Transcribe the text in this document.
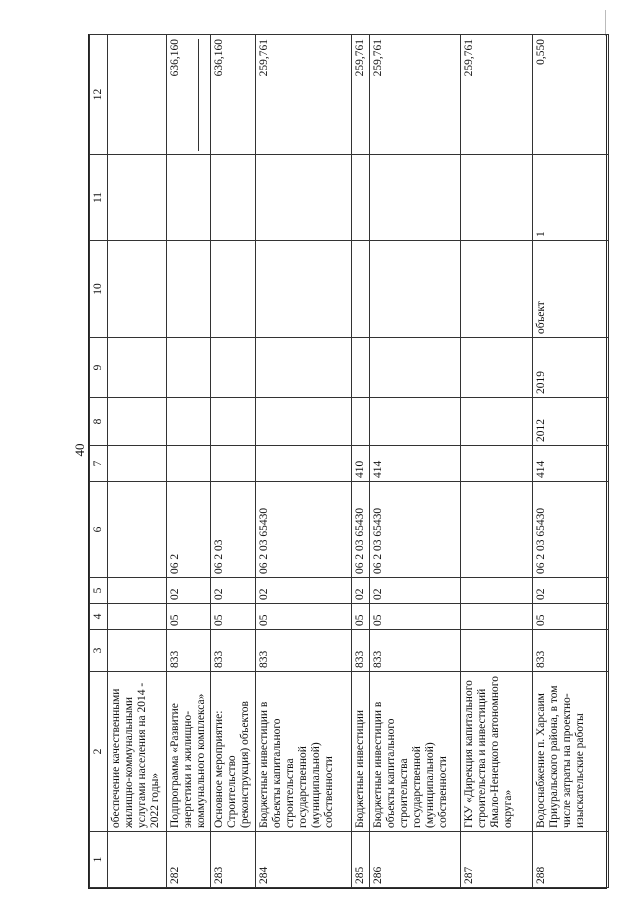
40
1	2	3	4	5	6	7	8	9	10	11	12
	обеспечение качественными жилищно-коммунальными услугами населения на 2014 - 2022 годы»										
282	Подпрограмма «Развитие энергетики и жилищно-коммунального комплекса»	833	05	02	06 2						636,160

283	Основное мероприятие: Строительство (реконструкция) объектов	833	05	02	06 2 03						636,160
284	Бюджетные инвестиции в объекты капитального строительства государственной (муниципальной) собственности	833	05	02	06 2 03 65430						259,761
285	Бюджетные инвестиции	833	05	02	06 2 03 65430	410					259,761
286	Бюджетные инвестиции в объекты капитального строительства государственной (муниципальной) собственности	833	05	02	06 2 03 65430	414					259,761
287	ГКУ «Дирекция капитального строительства и инвестиций Ямало-Ненецкого автономного округа»										259,761
288	Водоснабжение п. Харсаим Приуральского района, в том числе затраты на проектно-изыскательские работы	833	05	02	06 2 03 65430	414	2012	2019	объект	1	0,550
